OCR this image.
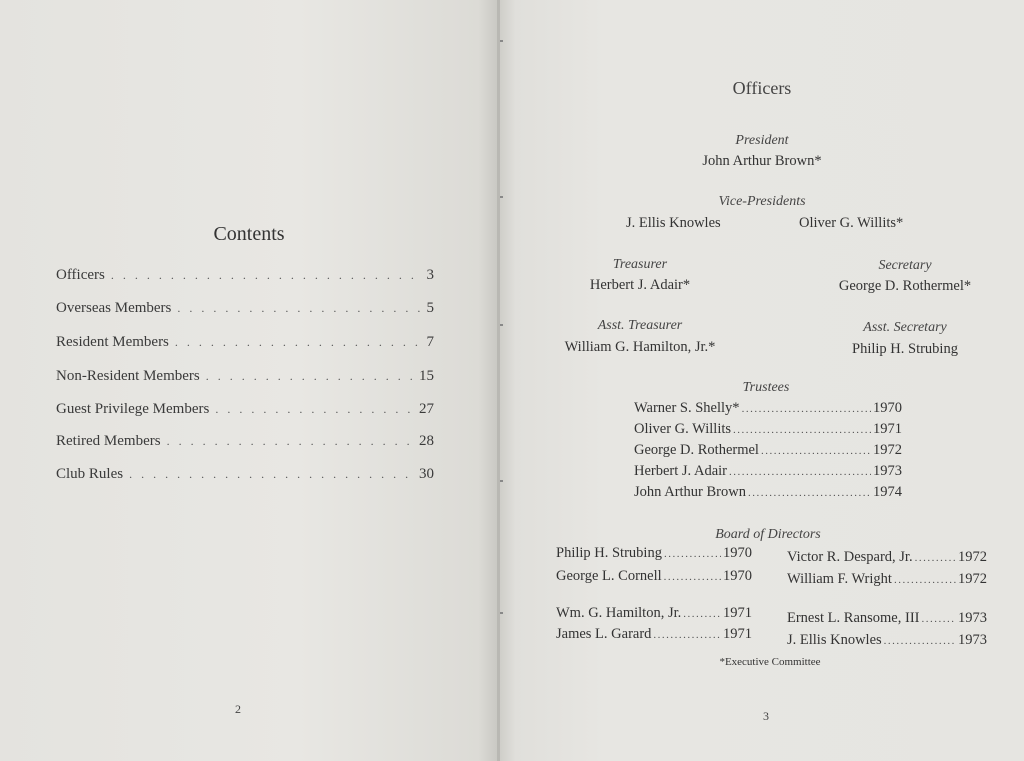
Contents
Officers . . .	3
Overseas Members . . .	5
Resident Members . . .	7
Non-Resident Members . . .	15
Guest Privilege Members . . .	27
Retired Members . . .	28
Club Rules . . .	30
2
Officers
President
John Arthur Brown*
Vice-Presidents
J. Ellis Knowles	Oliver G. Willits*
Treasurer
Herbert J. Adair*
Secretary
George D. Rothermel*
Asst. Treasurer
William G. Hamilton, Jr.*
Asst. Secretary
Philip H. Strubing
Trustees
Warner S. Shelly* .....	1970
Oliver G. Willits .....	1971
George D. Rothermel .....	1972
Herbert J. Adair .....	1973
John Arthur Brown .....	1974
Board of Directors
Philip H. Strubing .....	1970
George L. Cornell .....	1970
Wm. G. Hamilton, Jr. .....	1971
James L. Garard .....	1971
Victor R. Despard, Jr. .....	1972
William F. Wright .....	1972
Ernest L. Ransome, III .....	1973
J. Ellis Knowles .....	1973
*Executive Committee
3
